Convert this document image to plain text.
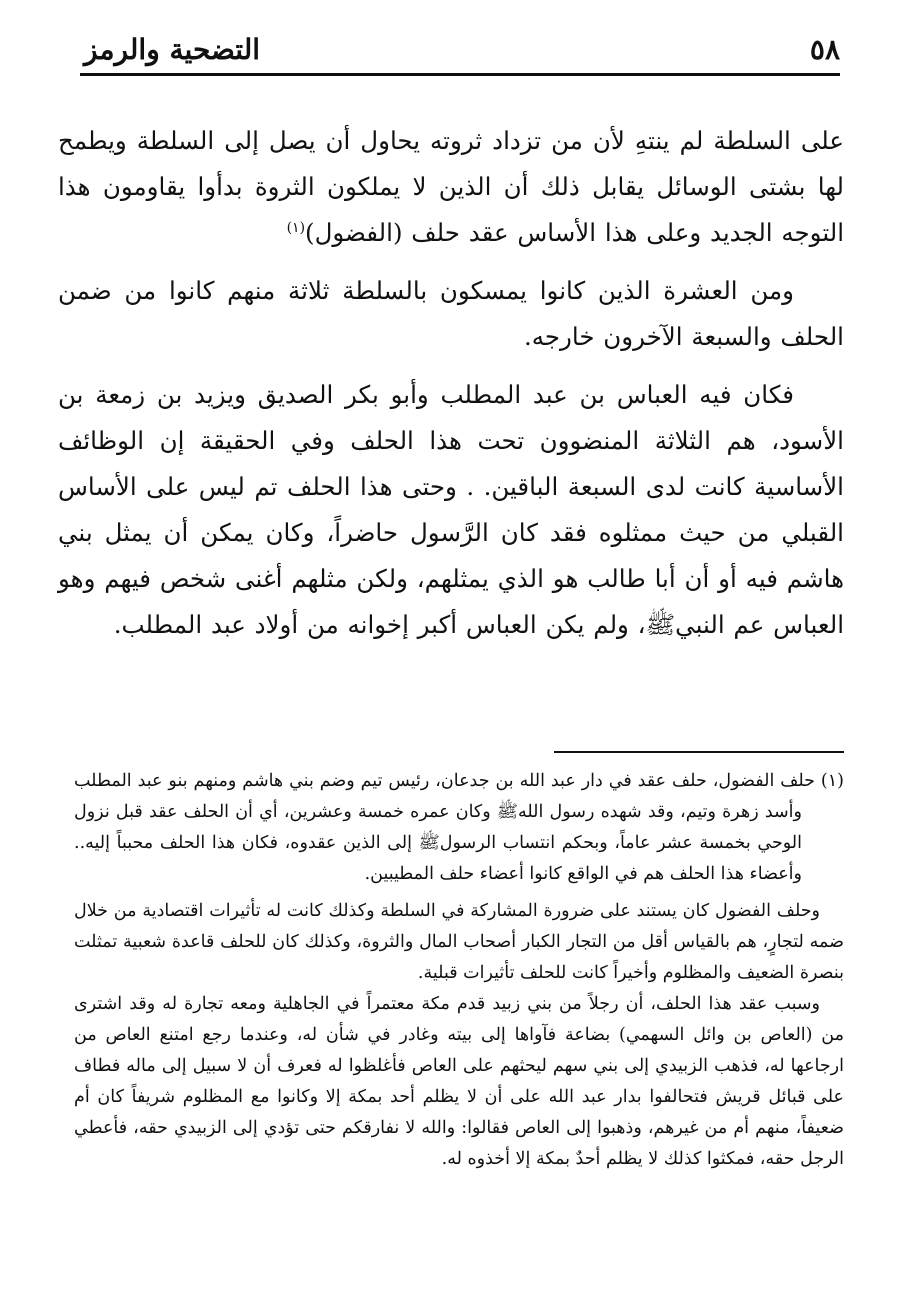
٥٨
التضحية والرمز

على السلطة لم ينتهِ لأن من تزداد ثروته يحاول أن يصل إلى السلطة ويطمح لها بشتى الوسائل يقابل ذلك أن الذين لا يملكون الثروة بدأوا يقاومون هذا التوجه الجديد وعلى هذا الأساس عقد حلف (الفضول)$^{(١)}$

ومن العشرة الذين كانوا يمسكون بالسلطة ثلاثة منهم كانوا من ضمن الحلف والسبعة الآخرون خارجه.

فكان فيه العباس بن عبد المطلب وأبو بكر الصديق ويزيد بن زمعة بن الأسود، هم الثلاثة المنضوون تحت هذا الحلف وفي الحقيقة إن الوظائف الأساسية كانت لدى السبعة الباقين. . وحتى هذا الحلف تم ليس على الأساس القبلي من حيث ممثلوه فقد كان الرَّسول حاضراً، وكان يمكن أن يمثل بني هاشم فيه أو أن أبا طالب هو الذي يمثلهم، ولكن مثلهم أغنى شخص فيهم وهو العباس عم النبيﷺ، ولم يكن العباس أكبر إخوانه من أولاد عبد المطلب.

(١) حلف الفضول، حلف عقد في دار عبد الله بن جدعان، رئيس تيم وضم بني هاشم ومنهم بنو عبد المطلب وأسد زهرة وتيم، وقد شهده رسول اللهﷺ وكان عمره خمسة وعشرين، أي أن الحلف عقد قبل نزول الوحي بخمسة عشر عاماً، وبحكم انتساب الرسولﷺ إلى الذين عقدوه، فكان هذا الحلف محبباً إليه.. وأعضاء هذا الحلف هم في الواقع كانوا أعضاء حلف المطيبين.

وحلف الفضول كان يستند على ضرورة المشاركة في السلطة وكذلك كانت له تأثيرات اقتصادية من خلال ضمه لتجارٍ، هم بالقياس أقل من التجار الكبار أصحاب المال والثروة، وكذلك كان للحلف قاعدة شعبية تمثلت بنصرة الضعيف والمظلوم وأخيراً كانت للحلف تأثيرات قبلية.

وسبب عقد هذا الحلف، أن رجلاً من بني زبيد قدم مكة معتمراً في الجاهلية ومعه تجارة له وقد اشترى من (العاص بن وائل السهمي) بضاعة فآواها إلى بيته وغادر في شأن له، وعندما رجع امتنع العاص من ارجاعها له، فذهب الزبيدي إلى بني سهم ليحثهم على العاص فأغلظوا له فعرف أن لا سبيل إلى ماله فطاف على قبائل قريش فتحالفوا بدار عبد الله على أن لا يظلم أحد بمكة إلا وكانوا مع المظلوم شريفاً كان أم ضعيفاً، منهم أم من غيرهم، وذهبوا إلى العاص فقالوا: والله لا نفارقكم حتى تؤدي إلى الزبيدي حقه، فأعطي الرجل حقه، فمكثوا كذلك لا يظلم أحدٌ بمكة إلا أخذوه له.
